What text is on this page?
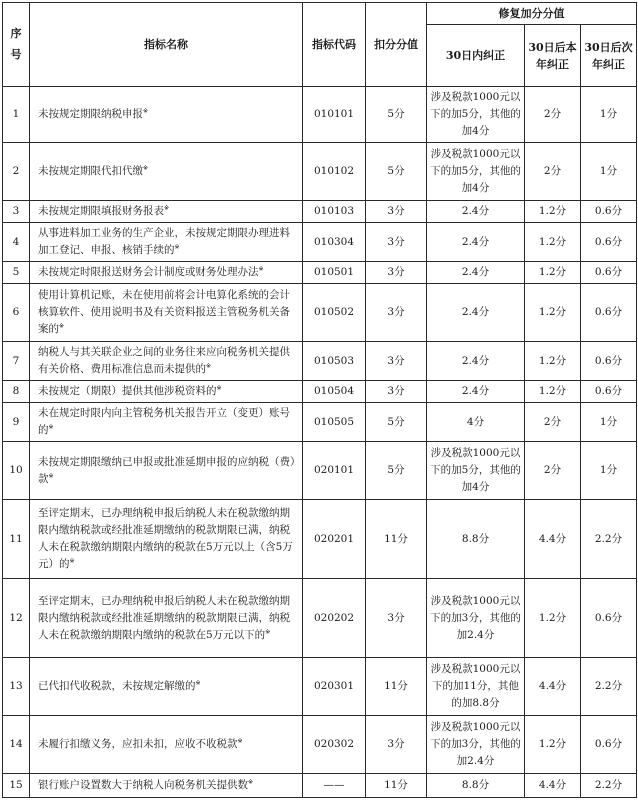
序号	指标名称	指标代码	扣分分值	修复加分分值		
				30日内纠正	30日后本年纠正	30日后次年纠正
1	未按规定期限纳税申报※	010101	5分	涉及税款1000元以下的加5分，其他的加4分	2分	1分
2	未按规定期限代扣代缴※	010102	5分	涉及税款1000元以下的加5分，其他的加4分	2分	1分
3	未按规定期限填报财务报表※	010103	3分	2.4分	1.2分	0.6分
4	从事进料加工业务的生产企业，未按规定期限办理进料加工登记、申报、核销手续的※	010304	3分	2.4分	1.2分	0.6分
5	未按规定时限报送财务会计制度或财务处理办法※	010501	3分	2.4分	1.2分	0.6分
6	使用计算机记账，未在使用前将会计电算化系统的会计核算软件、使用说明书及有关资料报送主管税务机关备案的※	010502	3分	2.4分	1.2分	0.6分
7	纳税人与其关联企业之间的业务往来应向税务机关提供有关价格、费用标准信息而未提供的※	010503	3分	2.4分	1.2分	0.6分
8	未按规定（期限）提供其他涉税资料的※	010504	3分	2.4分	1.2分	0.6分
9	未在规定时限内向主管税务机关报告开立（变更）账号的※	010505	5分	4分	2分	1分
10	未按规定期限缴纳已申报或批准延期申报的应纳税（费）款※	020101	5分	涉及税款1000元以下的加5分，其他的加4分	2分	1分
11	至评定期末，已办理纳税申报后纳税人未在税款缴纳期限内缴纳税款或经批准延期缴纳的税款期限已满，纳税人未在税款缴纳期限内缴纳的税款在5万元以上（含5万元）的※	020201	11分	8.8分	4.4分	2.2分
12	至评定期末，已办理纳税申报后纳税人未在税款缴纳期限内缴纳税款或经批准延期缴纳的税款期限已满，纳税人未在税款缴纳期限内缴纳的税款在5万元以下的※	020202	3分	涉及税款1000元以下的加3分，其他的加2.4分	1.2分	0.6分
13	已代扣代收税款，未按规定解缴的※	020301	11分	涉及税款1000元以下的加11分，其他的加8.8分	4.4分	2.2分
14	未履行扣缴义务，应扣未扣，应收不收税款※	020302	3分	涉及税款1000元以下的加3分，其他的加2.4分	1.2分	0.6分
15	银行账户设置数大于纳税人向税务机关提供数※	——	11分	8.8分	4.4分	2.2分
